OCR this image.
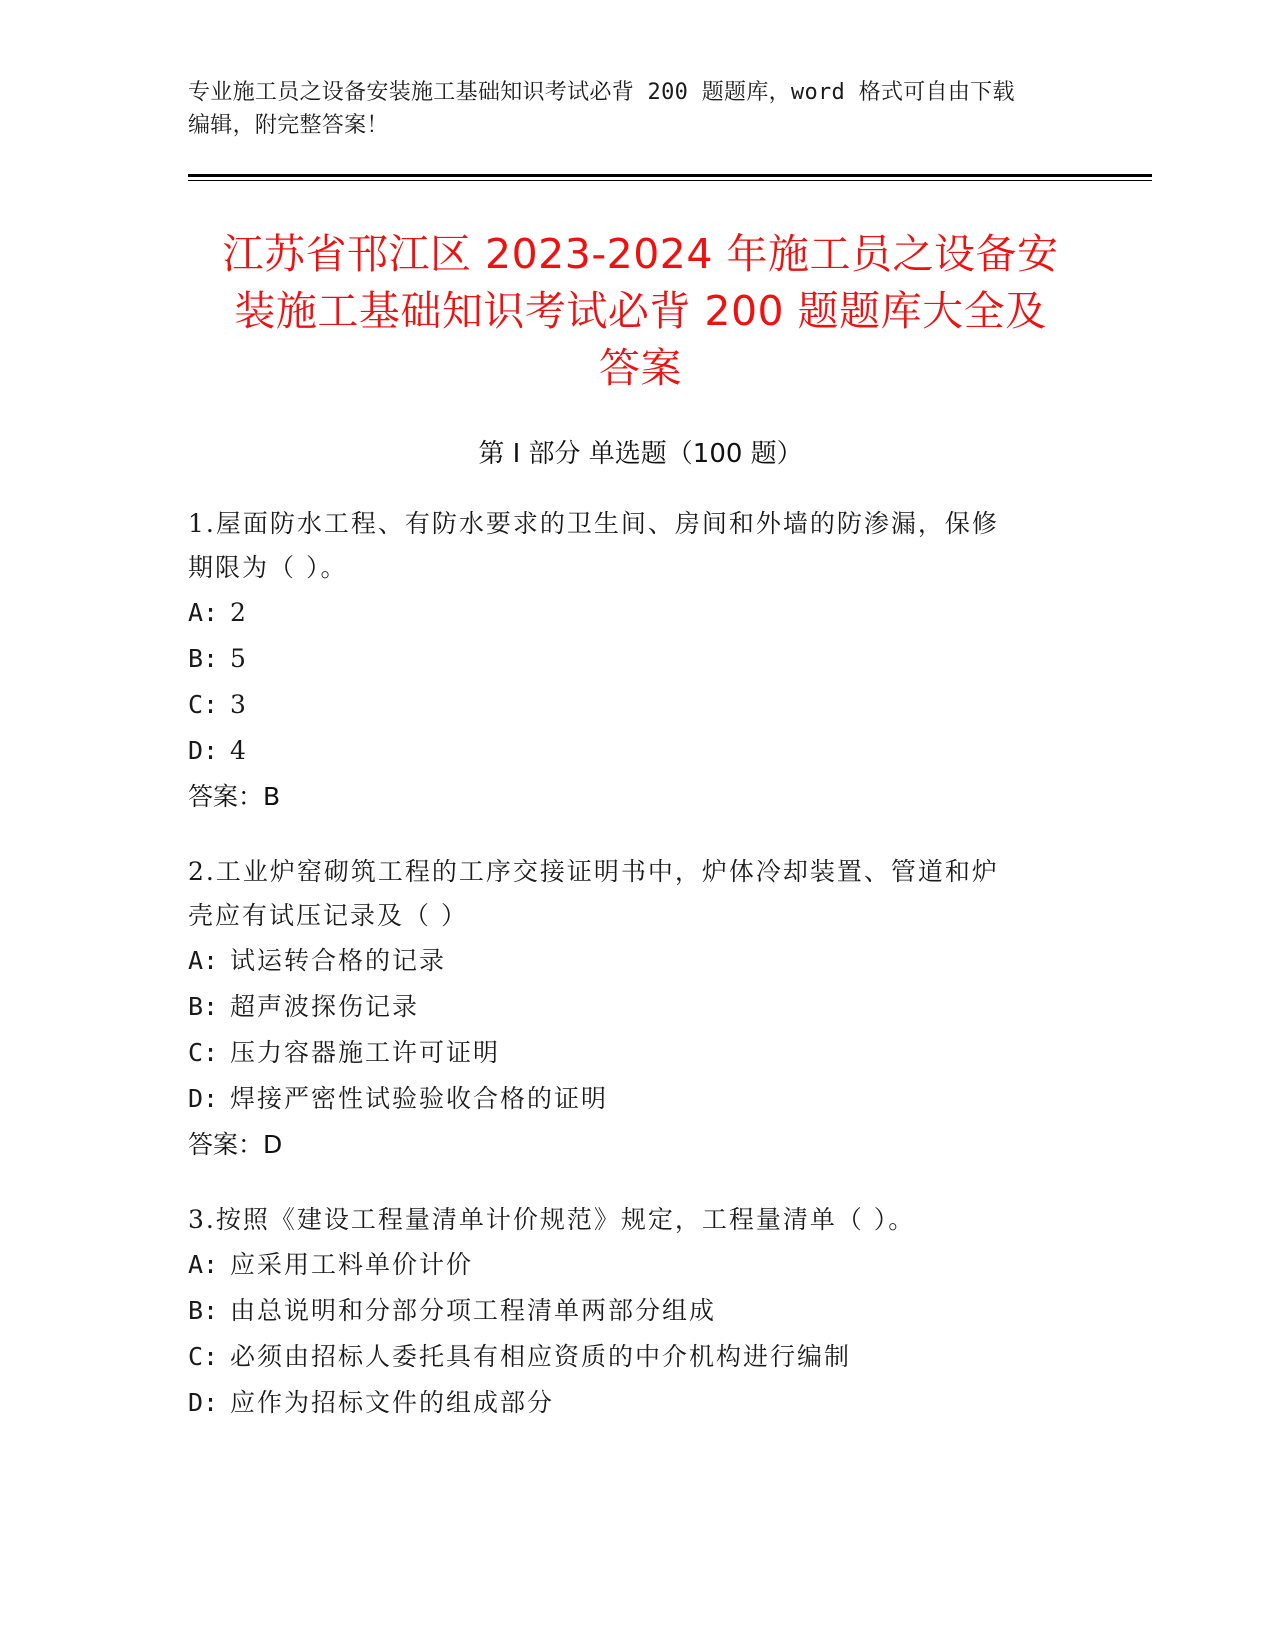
专业施工员之设备安装施工基础知识考试必背 200 题题库，word 格式可自由下载
编辑，附完整答案！
江苏省邗江区 2023-2024 年施工员之设备安
装施工基础知识考试必背 200 题题库大全及
答案
第 I 部分 单选题（100 题）
1.屋面防水工程、有防水要求的卫生间、房间和外墙的防渗漏，保修
期限为（ ）。
A: 2
B: 5
C: 3
D: 4
答案：B
2.工业炉窑砌筑工程的工序交接证明书中，炉体冷却装置、管道和炉
壳应有试压记录及（ ）
A: 试运转合格的记录
B: 超声波探伤记录
C: 压力容器施工许可证明
D: 焊接严密性试验验收合格的证明
答案：D
3.按照《建设工程量清单计价规范》规定，工程量清单（ ）。
A: 应采用工料单价计价
B: 由总说明和分部分项工程清单两部分组成
C: 必须由招标人委托具有相应资质的中介机构进行编制
D: 应作为招标文件的组成部分
